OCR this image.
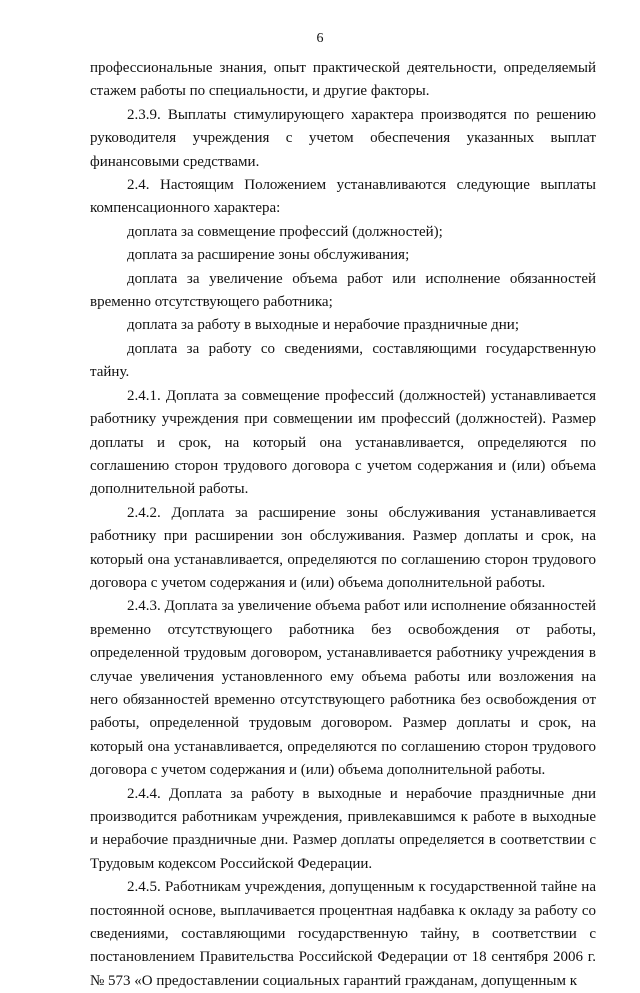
6

профессиональные знания, опыт практической деятельности, определяемый стажем работы по специальности, и другие факторы.

2.3.9. Выплаты стимулирующего характера производятся по решению руководителя учреждения с учетом обеспечения указанных выплат финансовыми средствами.

2.4. Настоящим Положением устанавливаются следующие выплаты компенсационного характера:

доплата за совмещение профессий (должностей);

доплата за расширение зоны обслуживания;

доплата за увеличение объема работ или исполнение обязанностей временно отсутствующего работника;

доплата за работу в выходные и нерабочие праздничные дни;

доплата за работу со сведениями, составляющими государственную тайну.

2.4.1. Доплата за совмещение профессий (должностей) устанавливается работнику учреждения при совмещении им профессий (должностей). Размер доплаты и срок, на который она устанавливается, определяются по соглашению сторон трудового договора с учетом содержания и (или) объема дополнительной работы.

2.4.2. Доплата за расширение зоны обслуживания устанавливается работнику при расширении зон обслуживания. Размер доплаты и срок, на который она устанавливается, определяются по соглашению сторон трудового договора с учетом содержания и (или) объема дополнительной работы.

2.4.3. Доплата за увеличение объема работ или исполнение обязанностей временно отсутствующего работника без освобождения от работы, определенной трудовым договором, устанавливается работнику учреждения в случае увеличения установленного ему объема работы или возложения на него обязанностей временно отсутствующего работника без освобождения от работы, определенной трудовым договором. Размер доплаты и срок, на который она устанавливается, определяются по соглашению сторон трудового договора с учетом содержания и (или) объема дополнительной работы.

2.4.4. Доплата за работу в выходные и нерабочие праздничные дни производится работникам учреждения, привлекавшимся к работе в выходные и нерабочие праздничные дни. Размер доплаты определяется в соответствии с Трудовым кодексом Российской Федерации.

2.4.5. Работникам учреждения, допущенным к государственной тайне на постоянной основе, выплачивается процентная надбавка к окладу за работу со сведениями, составляющими государственную тайну, в соответствии с постановлением Правительства Российской Федерации от 18 сентября 2006 г. № 573 «О предоставлении социальных гарантий гражданам, допущенным к
